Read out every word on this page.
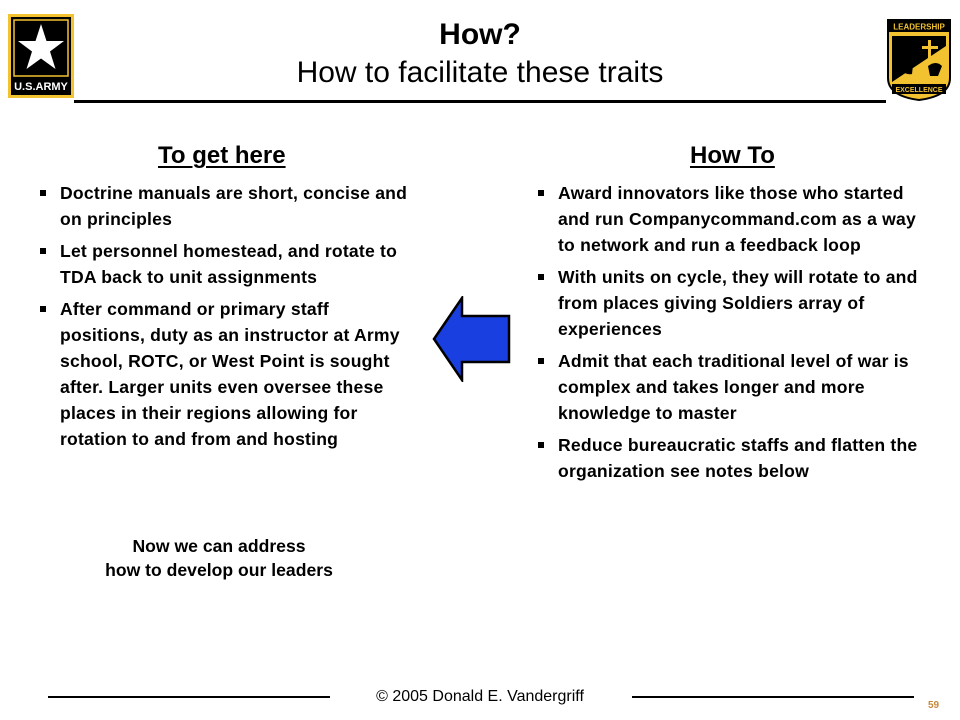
U.S.ARMY
LEADERSHIP
EXCELLENCE
How?
How to facilitate these traits
To get here	How To
Doctrine manuals are short, concise and on principles
Let personnel homestead, and rotate to TDA back to unit assignments
After command or primary staff positions, duty as an instructor at Army school, ROTC, or West Point is sought after. Larger units even oversee these places in their regions allowing for rotation to and from and hosting
Award innovators like those who started and run Companycommand.com as a way to network and run a feedback loop
With units on cycle, they will rotate to and from places giving Soldiers array of experiences
Admit that each traditional level of war is complex and takes longer and more knowledge to master
Reduce bureaucratic staffs and flatten the organization see notes below
Now we can address
how to develop our leaders
© 2005 Donald E. Vandergriff
59
